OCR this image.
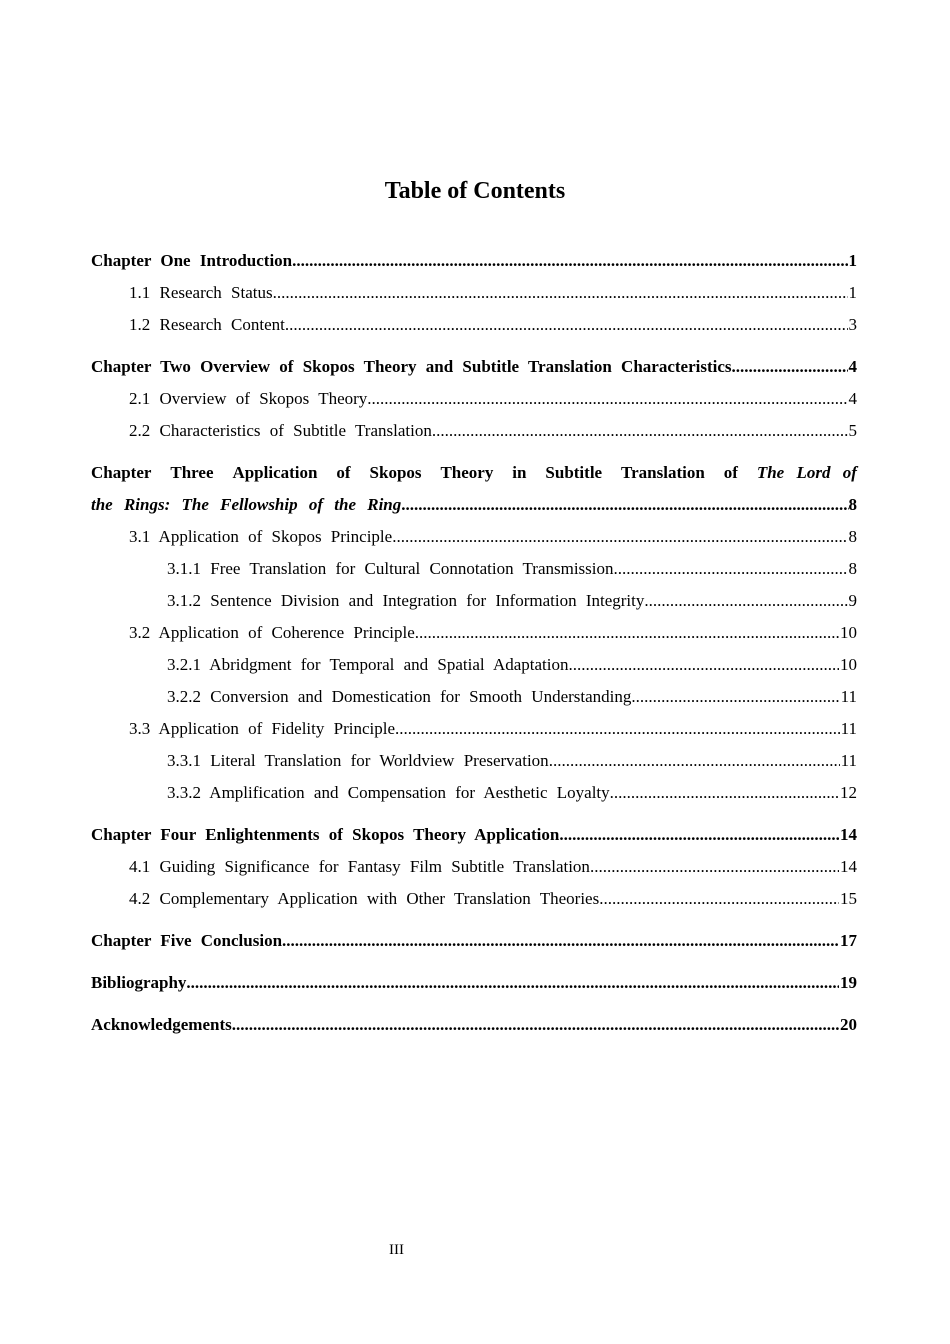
Table of Contents
Chapter One Introduction .....	1
1.1 Research Status .....	1
1.2 Research Content .....	3
Chapter Two Overview of Skopos Theory and Subtitle Translation Characteristics .....	4
2.1 Overview of Skopos Theory .....	4
2.2 Characteristics of Subtitle Translation .....	5
Chapter Three Application of Skopos Theory in Subtitle Translation of The Lord of
the Rings: The Fellowship of the Ring .....	8
3.1 Application of Skopos Principle .....	8
3.1.1 Free Translation for Cultural Connotation Transmission .....	8
3.1.2 Sentence Division and Integration for Information Integrity .....	9
3.2 Application of Coherence Principle .....	10
3.2.1 Abridgment for Temporal and Spatial Adaptation .....	10
3.2.2 Conversion and Domestication for Smooth Understanding .....	11
3.3 Application of Fidelity Principle .....	11
3.3.1 Literal Translation for Worldview Preservation .....	11
3.3.2 Amplification and Compensation for Aesthetic Loyalty .....	12
Chapter Four Enlightenments of Skopos Theory Application .....	14
4.1 Guiding Significance for Fantasy Film Subtitle Translation .....	14
4.2 Complementary Application with Other Translation Theories .....	15
Chapter Five Conclusion .....	17
Bibliography .....	19
Acknowledgements .....	20
III
